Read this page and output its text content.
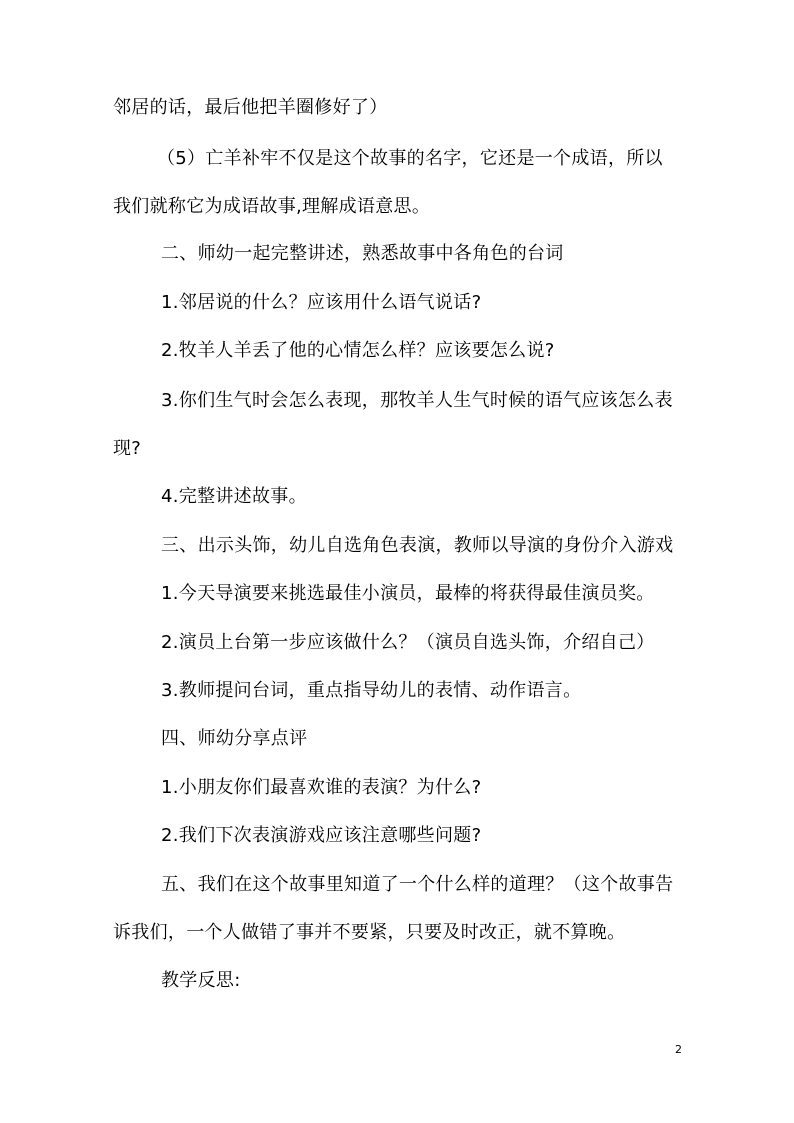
邻居的话，最后他把羊圈修好了）
（5）亡羊补牢不仅是这个故事的名字，它还是一个成语，所以
我们就称它为成语故事,理解成语意思。
二、师幼一起完整讲述，熟悉故事中各角色的台词
1.邻居说的什么？应该用什么语气说话?
2.牧羊人羊丢了他的心情怎么样？应该要怎么说?
3.你们生气时会怎么表现，那牧羊人生气时候的语气应该怎么表
现?
4.完整讲述故事。
三、出示头饰，幼儿自选角色表演，教师以导演的身份介入游戏
1.今天导演要来挑选最佳小演员，最棒的将获得最佳演员奖。
2.演员上台第一步应该做什么？（演员自选头饰，介绍自己）
3.教师提问台词，重点指导幼儿的表情、动作语言。
四、师幼分享点评
1.小朋友你们最喜欢谁的表演？为什么?
2.我们下次表演游戏应该注意哪些问题?
五、我们在这个故事里知道了一个什么样的道理？（这个故事告
诉我们，一个人做错了事并不要紧，只要及时改正，就不算晚。
教学反思:
2
